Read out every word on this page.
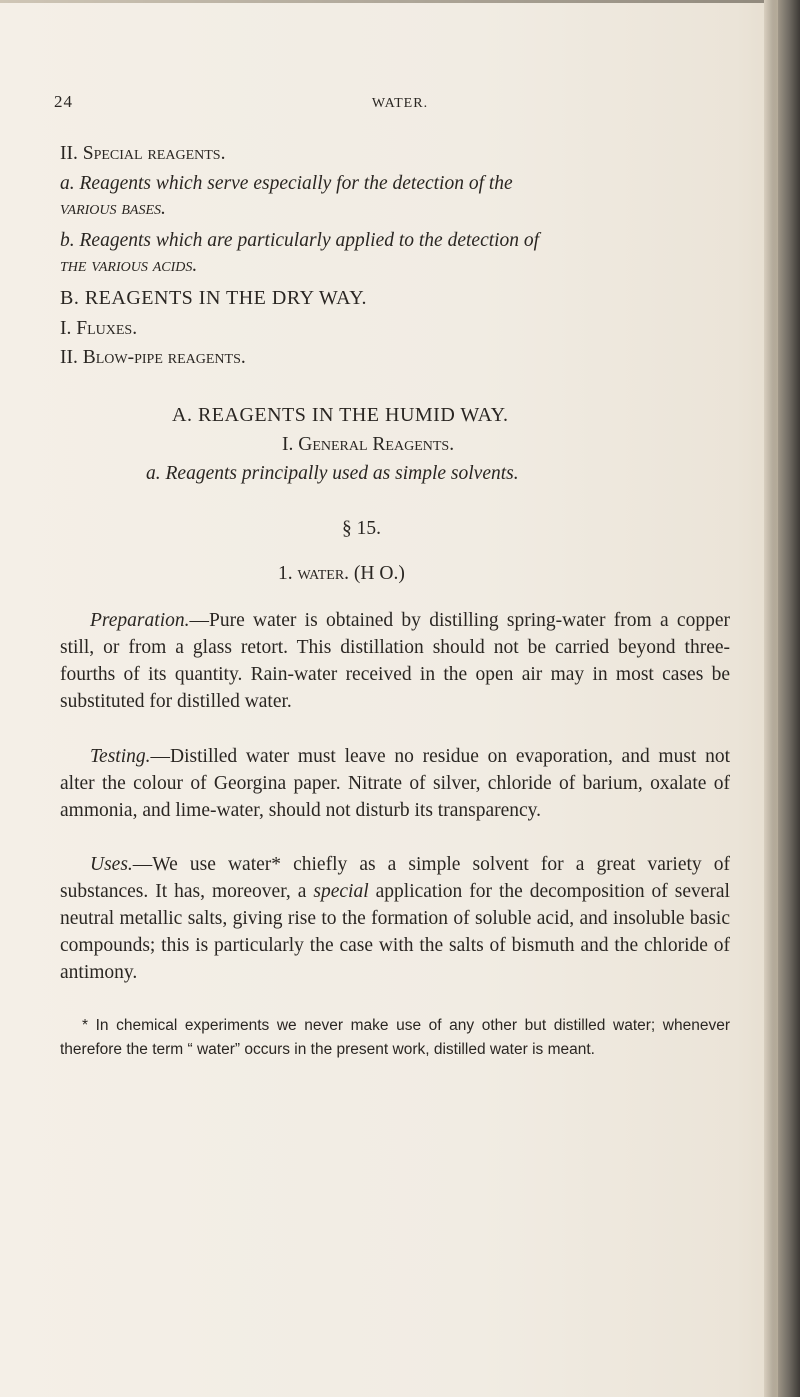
24	WATER.
II. Special reagents.
a. Reagents which serve especially for the detection of the
various bases.
b. Reagents which are particularly applied to the detection of
the various acids.
B. REAGENTS IN THE DRY WAY.
I. Fluxes.
II. Blow-pipe reagents.
A. REAGENTS IN THE HUMID WAY.
I. General Reagents.
a. Reagents principally used as simple solvents.
§ 15.
1. water. (H O.)
Preparation.—Pure water is obtained by distilling spring-water from a copper still, or from a glass retort. This distillation should not be carried beyond three-fourths of its quantity. Rain-water received in the open air may in most cases be substituted for distilled water.
Testing.—Distilled water must leave no residue on evaporation, and must not alter the colour of Georgina paper. Nitrate of silver, chloride of barium, oxalate of ammonia, and lime-water, should not disturb its transparency.
Uses.—We use water* chiefly as a simple solvent for a great variety of substances. It has, moreover, a special application for the decomposition of several neutral metallic salts, giving rise to the formation of soluble acid, and insoluble basic compounds; this is particularly the case with the salts of bismuth and the chloride of antimony.
* In chemical experiments we never make use of any other but distilled water; whenever therefore the term “ water” occurs in the present work, distilled water is meant.
